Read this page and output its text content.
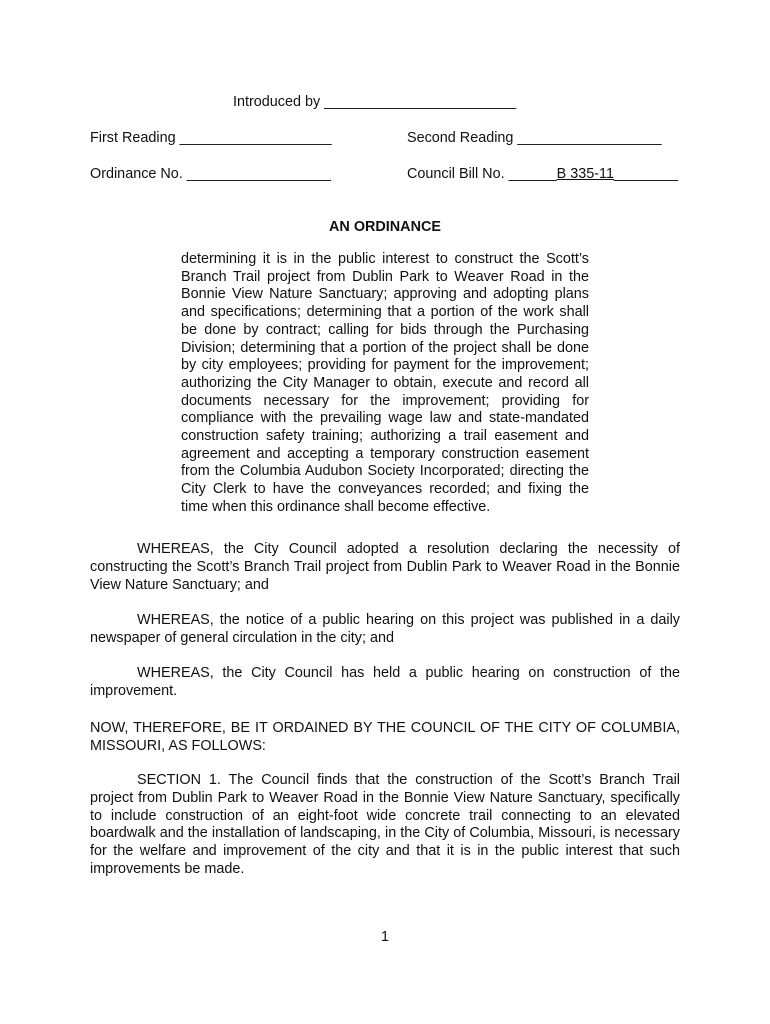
Introduced by ________________________
First Reading ___________________	Second Reading __________________
Ordinance No. __________________	Council Bill No. ______B 335-11________
AN ORDINANCE
determining it is in the public interest to construct the Scott’s Branch Trail project from Dublin Park to Weaver Road in the Bonnie View Nature Sanctuary; approving and adopting plans and specifications; determining that a portion of the work shall be done by contract; calling for bids through the Purchasing Division; determining that a portion of the project shall be done by city employees; providing for payment for the improvement; authorizing the City Manager to obtain, execute and record all documents necessary for the improvement; providing for compliance with the prevailing wage law and state-mandated construction safety training; authorizing a trail easement and agreement and accepting a temporary construction easement from the Columbia Audubon Society Incorporated; directing the City Clerk to have the conveyances recorded; and fixing the time when this ordinance shall become effective.

WHEREAS, the City Council adopted a resolution declaring the necessity of constructing the Scott’s Branch Trail project from Dublin Park to Weaver Road in the Bonnie View Nature Sanctuary; and

WHEREAS, the notice of a public hearing on this project was published in a daily newspaper of general circulation in the city; and

WHEREAS, the City Council has held a public hearing on construction of the improvement.

NOW, THEREFORE, BE IT ORDAINED BY THE COUNCIL OF THE CITY OF COLUMBIA, MISSOURI, AS FOLLOWS:

SECTION 1. The Council finds that the construction of the Scott’s Branch Trail project from Dublin Park to Weaver Road in the Bonnie View Nature Sanctuary, specifically to include construction of an eight-foot wide concrete trail connecting to an elevated boardwalk and the installation of landscaping, in the City of Columbia, Missouri, is necessary for the welfare and improvement of the city and that it is in the public interest that such improvements be made.

1
